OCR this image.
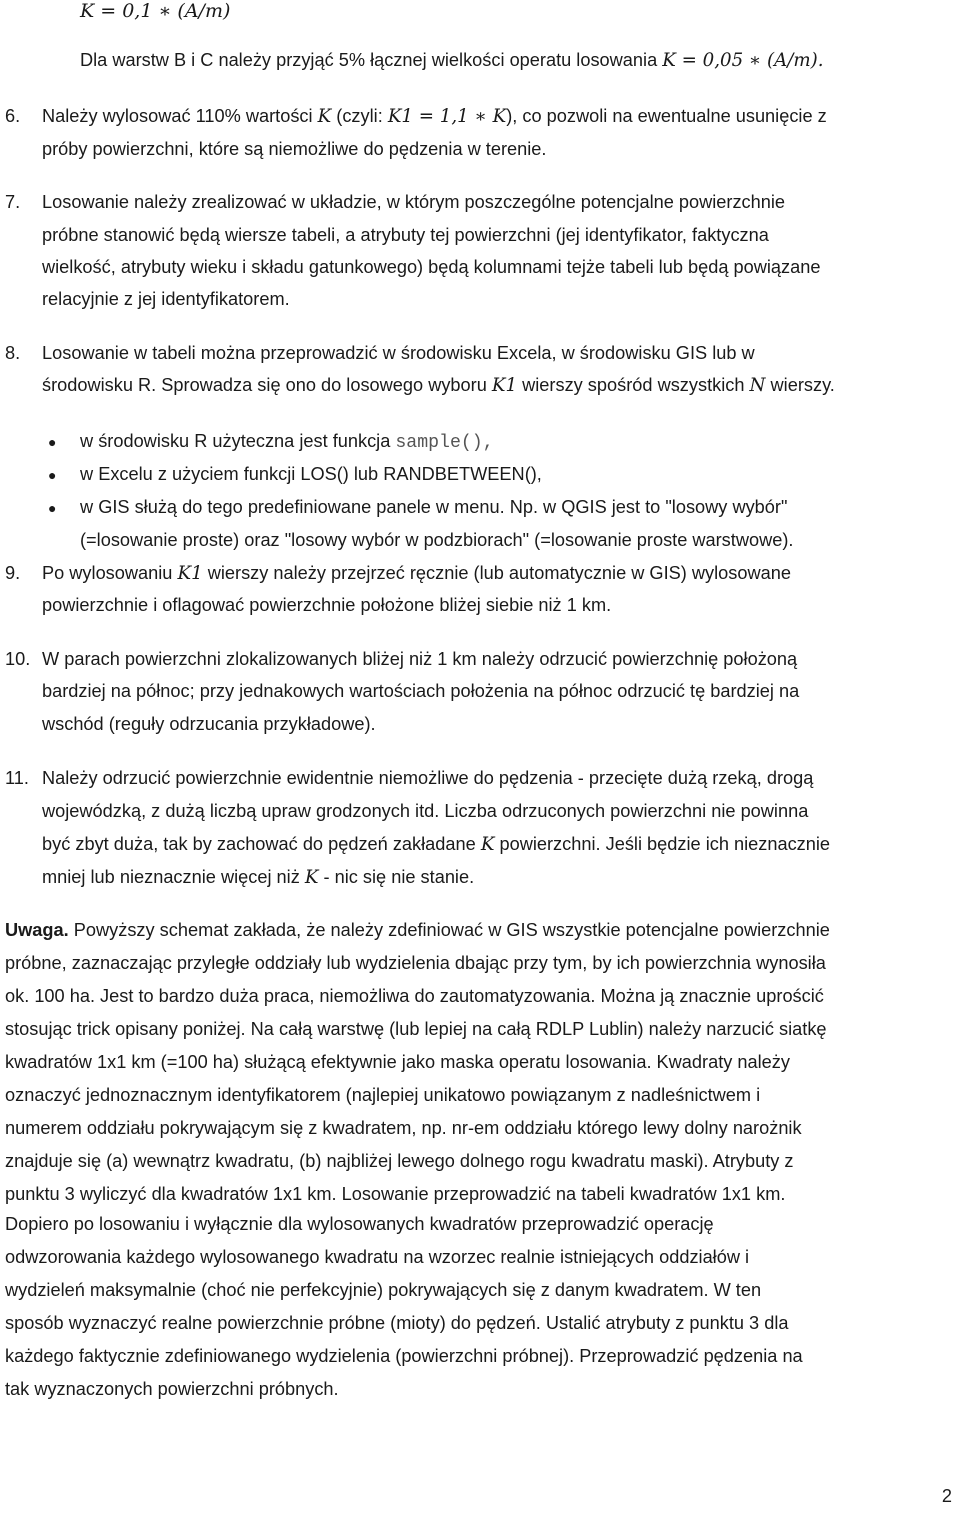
K = 0,1 ∗ (A/m)
Dla warstw B i C należy przyjąć 5% łącznej wielkości operatu losowania K = 0,05 ∗ (A/m).
6. Należy wylosować 110% wartości K (czyli: K1 = 1,1 ∗ K), co pozwoli na ewentualne usunięcie z
próby powierzchni, które są niemożliwe do pędzenia w terenie.
7. Losowanie należy zrealizować w układzie, w którym poszczególne potencjalne powierzchnie
próbne stanowić będą wiersze tabeli, a atrybuty tej powierzchni (jej identyfikator, faktyczna
wielkość, atrybuty wieku i składu gatunkowego) będą kolumnami tejże tabeli lub będą powiązane
relacyjnie z jej identyfikatorem.
8. Losowanie w tabeli można przeprowadzić w środowisku Excela, w środowisku GIS lub w
środowisku R. Sprowadza się ono do losowego wyboru K1 wierszy spośród wszystkich N wierszy.
● w środowisku R użyteczna jest funkcja sample(),
● w Excelu z użyciem funkcji LOS() lub RANDBETWEEN(),
● w GIS służą do tego predefiniowane panele w menu. Np. w QGIS jest to "losowy wybór"
(=losowanie proste) oraz "losowy wybór w podzbiorach" (=losowanie proste warstwowe).
9. Po wylosowaniu K1 wierszy należy przejrzeć ręcznie (lub automatycznie w GIS) wylosowane
powierzchnie i oflagować powierzchnie położone bliżej siebie niż 1 km.
10. W parach powierzchni zlokalizowanych bliżej niż 1 km należy odrzucić powierzchnię położoną
bardziej na północ; przy jednakowych wartościach położenia na północ odrzucić tę bardziej na
wschód (reguły odrzucania przykładowe).
11. Należy odrzucić powierzchnie ewidentnie niemożliwe do pędzenia - przecięte dużą rzeką, drogą
wojewódzką, z dużą liczbą upraw grodzonych itd. Liczba odrzuconych powierzchni nie powinna
być zbyt duża, tak by zachować do pędzeń zakładane K powierzchni. Jeśli będzie ich nieznacznie
mniej lub nieznacznie więcej niż K - nic się nie stanie.
Uwaga. Powyższy schemat zakłada, że należy zdefiniować w GIS wszystkie potencjalne powierzchnie
próbne, zaznaczając przyległe oddziały lub wydzielenia dbając przy tym, by ich powierzchnia wynosiła
ok. 100 ha. Jest to bardzo duża praca, niemożliwa do zautomatyzowania. Można ją znacznie uprościć
stosując trick opisany poniżej. Na całą warstwę (lub lepiej na całą RDLP Lublin) należy narzucić siatkę
kwadratów 1x1 km (=100 ha) służącą efektywnie jako maska operatu losowania. Kwadraty należy
oznaczyć jednoznacznym identyfikatorem (najlepiej unikatowo powiązanym z nadleśnictwem i
numerem oddziału pokrywającym się z kwadratem, np. nr-em oddziału którego lewy dolny narożnik
znajduje się (a) wewnątrz kwadratu, (b) najbliżej lewego dolnego rogu kwadratu maski). Atrybuty z
punktu 3 wyliczyć dla kwadratów 1x1 km. Losowanie przeprowadzić na tabeli kwadratów 1x1 km.
Dopiero po losowaniu i wyłącznie dla wylosowanych kwadratów przeprowadzić operację
odwzorowania każdego wylosowanego kwadratu na wzorzec realnie istniejących oddziałów i
wydzieleń maksymalnie (choć nie perfekcyjnie) pokrywających się z danym kwadratem. W ten
sposób wyznaczyć realne powierzchnie próbne (mioty) do pędzeń. Ustalić atrybuty z punktu 3 dla
każdego faktycznie zdefiniowanego wydzielenia (powierzchni próbnej). Przeprowadzić pędzenia na
tak wyznaczonych powierzchni próbnych.
2
